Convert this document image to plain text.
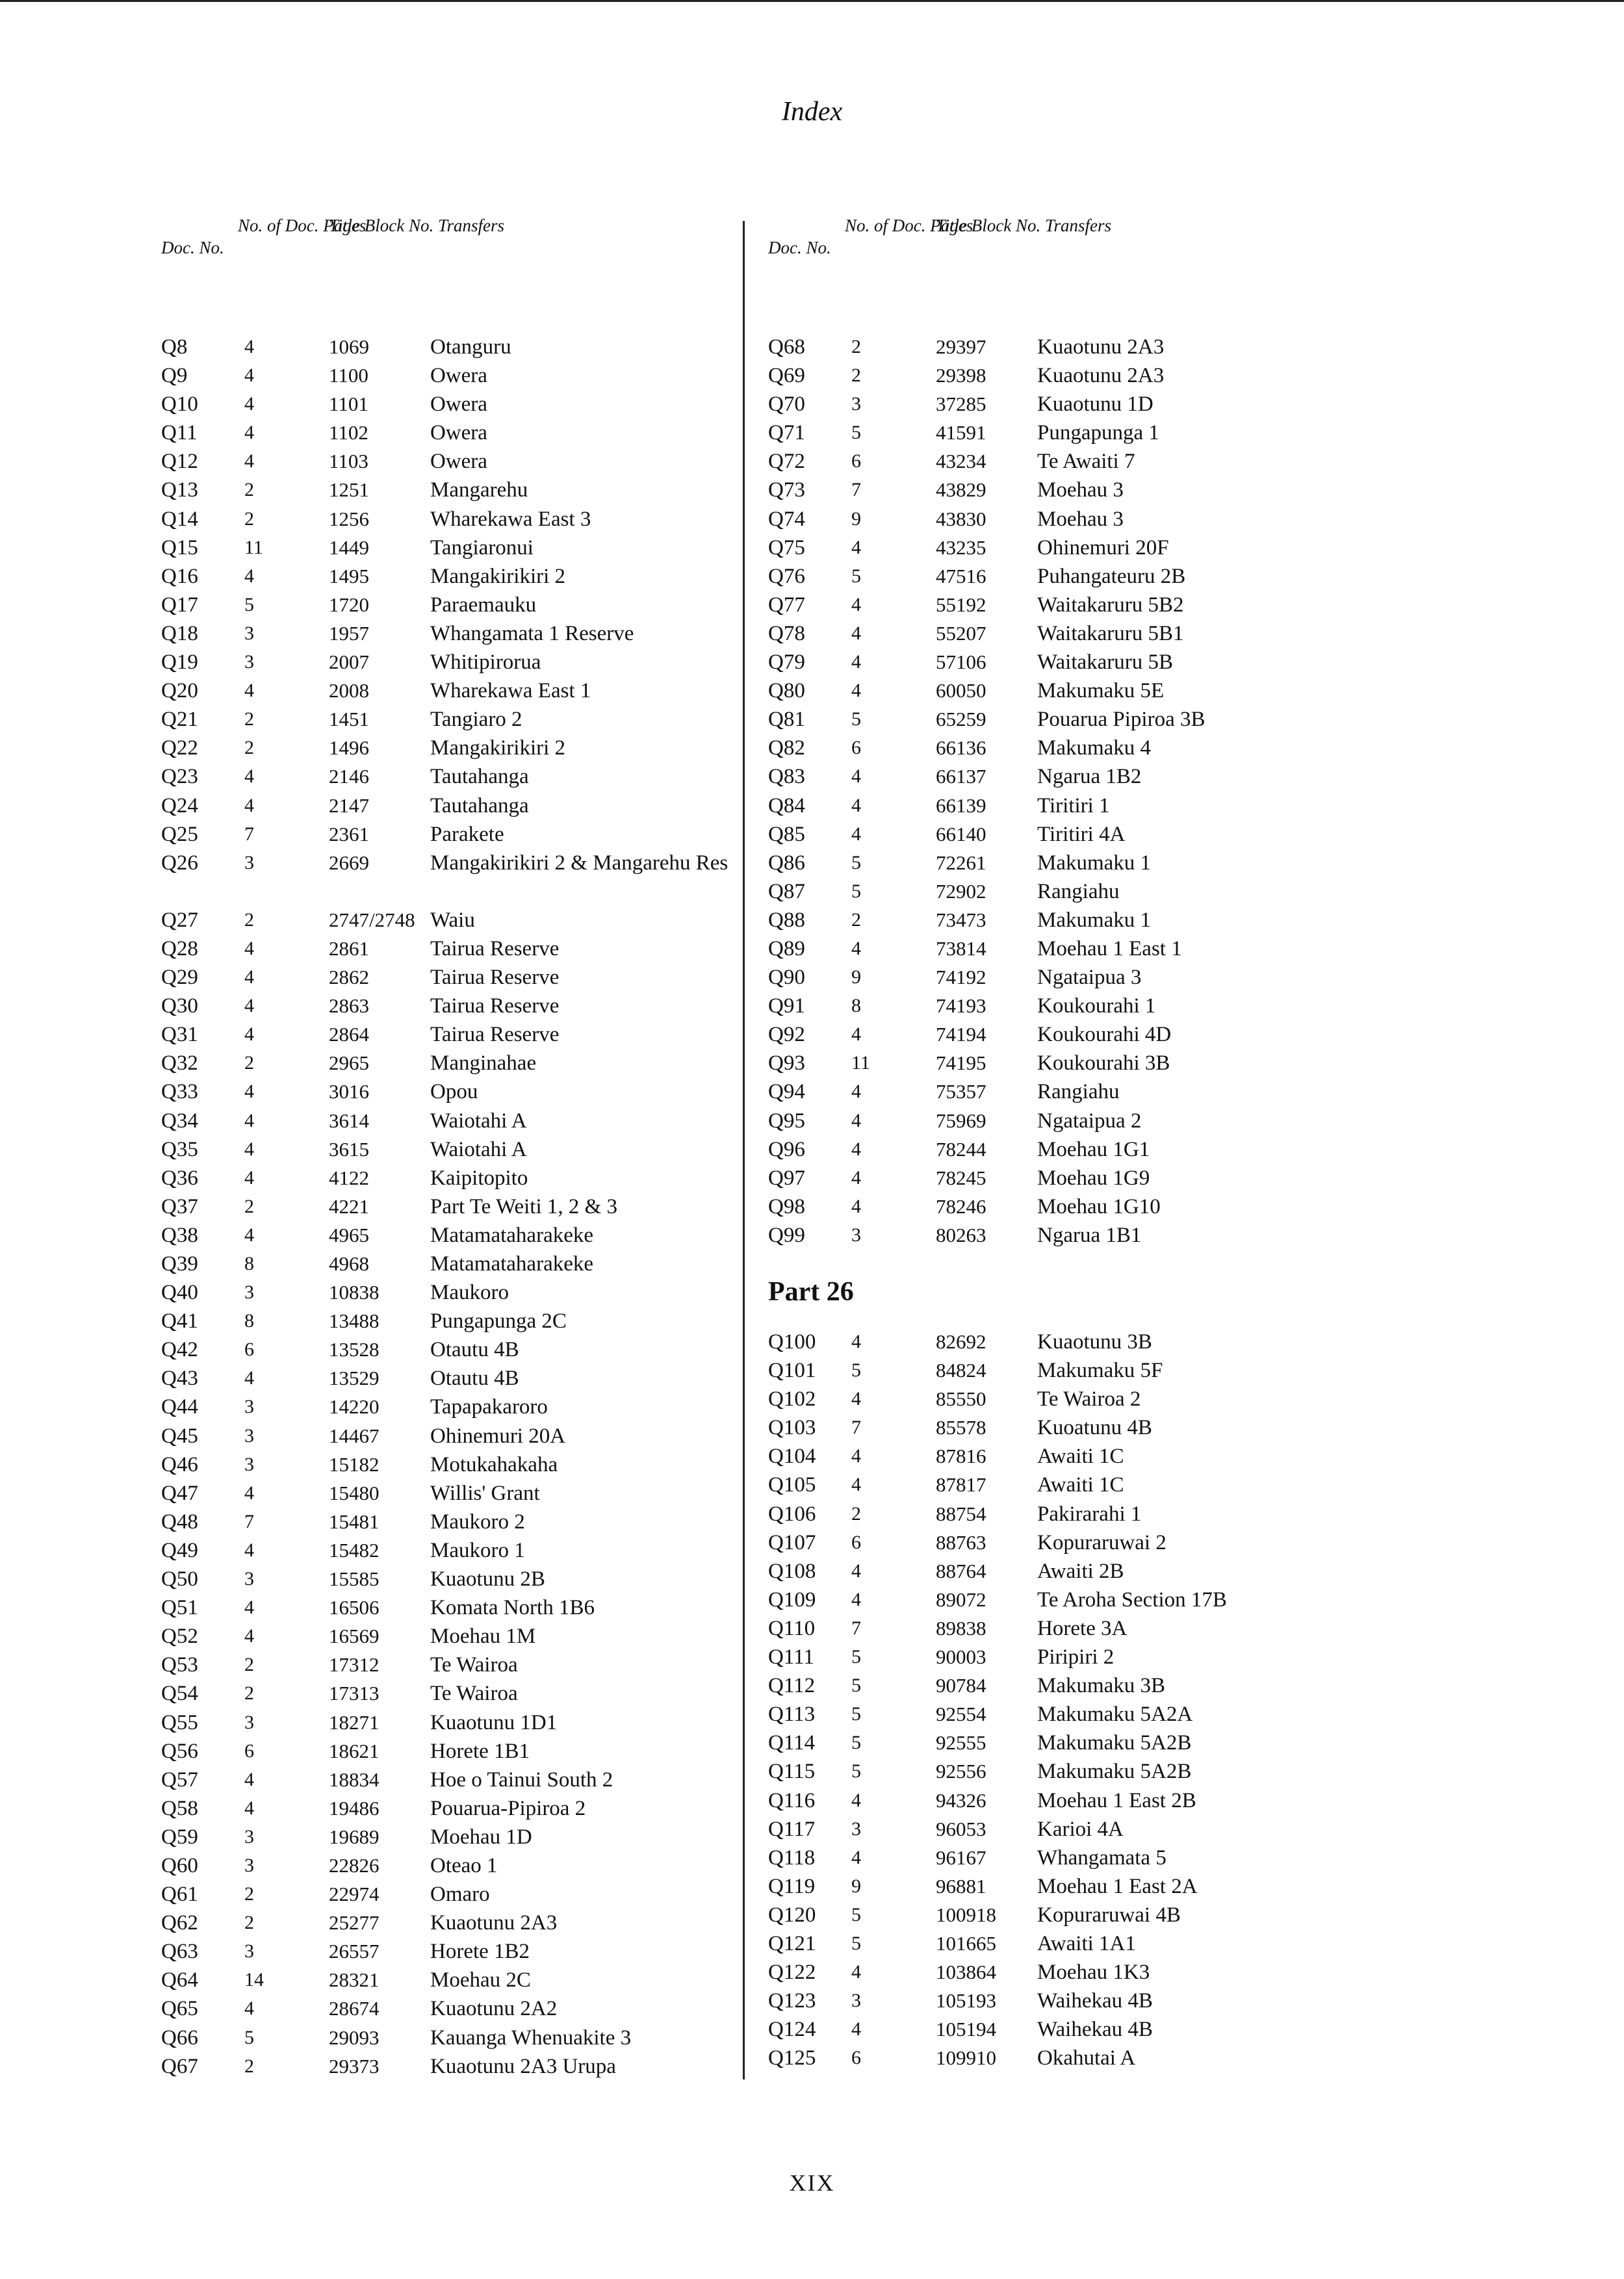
Index
Doc. No.
No. of Doc. Pages
Title Block No. Transfers
Q8	4	1069	Otanguru
Q9	4	1100	Owera
Q10 4	1101	Owera
Q11 4	1102	Owera
Q12 4	1103	Owera
Q13 2	1251	Mangarehu
Q14 2	1256	Wharekawa East 3
Q15 11	1449	Tangiaronui
Q16 4	1495	Mangakirikiri 2
Q17 5	1720	Paraemauku
Q18 3	1957	Whangamata 1 Reserve
Q19 3	2007	Whitipirorua
Q20 4	2008	Wharekawa East 1
Q21 2	1451	Tangiaro 2
Q22 2	1496	Mangakirikiri 2
Q23 4	2146	Tautahanga
Q24 4	2147	Tautahanga
Q25 7	2361	Parakete
Q26 3	2669	Mangakirikiri 2 & Mangarehu Res
Q27 2	2747/2748 Waiu
Q28 4	2861	Tairua Reserve
Q29 4	2862	Tairua Reserve
Q30 4	2863	Tairua Reserve
Q31 4	2864	Tairua Reserve
Q32 2	2965	Manginahae
Q33 4	3016	Opou
Q34 4	3614	Waiotahi A
Q35 4	3615	Waiotahi A
Q36 4	4122	Kaipitopito
Q37 2	4221	Part Te Weiti 1, 2 & 3
Q38 4	4965	Matamataharakeke
Q39 8	4968	Matamataharakeke
Q40 3	10838 Maukoro
Q41 8	13488 Pungapunga 2C
Q42 6	13528 Otautu 4B
Q43 4	13529 Otautu 4B
Q44 3	14220 Tapapakaroro
Q45 3	14467 Ohinemuri 20A
Q46 3	15182 Motukahakaha
Q47 4	15480 Willis' Grant
Q48 7	15481 Maukoro 2
Q49 4	15482 Maukoro 1
Q50 3	15585 Kuaotunu 2B
Q51 4	16506 Komata North 1B6
Q52 4	16569 Moehau 1M
Q53 2	17312 Te Wairoa
Q54 2	17313 Te Wairoa
Q55 3	18271 Kuaotunu 1D1
Q56 6	18621 Horete 1B1
Q57 4	18834 Hoe o Tainui South 2
Q58 4	19486 Pouarua-Pipiroa 2
Q59 3	19689 Moehau 1D
Q60 3	22826 Oteao 1
Q61 2	22974 Omaro
Q62 2	25277 Kuaotunu 2A3
Q63 3	26557 Horete 1B2
Q64 14	28321 Moehau 2C
Q65 4	28674 Kuaotunu 2A2
Q66 5	29093 Kauanga Whenuakite 3
Q67 2	29373 Kuaotunu 2A3 Urupa
Doc. No.
No. of Doc. Pages
Title Block No. Transfers
Q68 2	29397 Kuaotunu 2A3
Q69 2	29398 Kuaotunu 2A3
Q70 3	37285 Kuaotunu 1D
Q71 5	41591 Pungapunga 1
Q72 6	43234 Te Awaiti 7
Q73 7	43829 Moehau 3
Q74 9	43830 Moehau 3
Q75 4	43235 Ohinemuri 20F
Q76 5	47516 Puhangateuru 2B
Q77 4	55192 Waitakaruru 5B2
Q78 4	55207 Waitakaruru 5B1
Q79 4	57106 Waitakaruru 5B
Q80 4	60050 Makumaku 5E
Q81 5	65259 Pouarua Pipiroa 3B
Q82 6	66136 Makumaku 4
Q83 4	66137 Ngarua 1B2
Q84 4	66139 Tiritiri 1
Q85 4	66140 Tiritiri 4A
Q86 5	72261 Makumaku 1
Q87 5	72902 Rangiahu
Q88 2	73473 Makumaku 1
Q89 4	73814 Moehau 1 East 1
Q90 9	74192 Ngataipua 3
Q91 8	74193 Koukourahi 1
Q92 4	74194 Koukourahi 4D
Q93 11	74195 Koukourahi 3B
Q94 4	75357 Rangiahu
Q95 4	75969 Ngataipua 2
Q96 4	78244 Moehau 1G1
Q97 4	78245 Moehau 1G9
Q98 4	78246 Moehau 1G10
Q99 3	80263 Ngarua 1B1
Part 26
Q100 4	82692 Kuaotunu 3B
Q101 5	84824 Makumaku 5F
Q102 4	85550 Te Wairoa 2
Q103 7	85578 Kuoatunu 4B
Q104 4	87816 Awaiti 1C
Q105 4	87817 Awaiti 1C
Q106 2	88754 Pakirarahi 1
Q107 6	88763 Kopuraruwai 2
Q108 4	88764 Awaiti 2B
Q109 4	89072 Te Aroha Section 17B
Q110 7	89838 Horete 3A
Q111 5	90003 Piripiri 2
Q112 5	90784 Makumaku 3B
Q113 5	92554 Makumaku 5A2A
Q114 5	92555 Makumaku 5A2B
Q115 5	92556 Makumaku 5A2B
Q116 4	94326 Moehau 1 East 2B
Q117 3	96053 Karioi 4A
Q118 4	96167 Whangamata 5
Q119 9	96881 Moehau 1 East 2A
Q120 5	100918 Kopuraruwai 4B
Q121 5	101665 Awaiti 1A1
Q122 4	103864 Moehau 1K3
Q123 3	105193 Waihekau 4B
Q124 4	105194 Waihekau 4B
Q125 6	109910 Okahutai A
XIX
